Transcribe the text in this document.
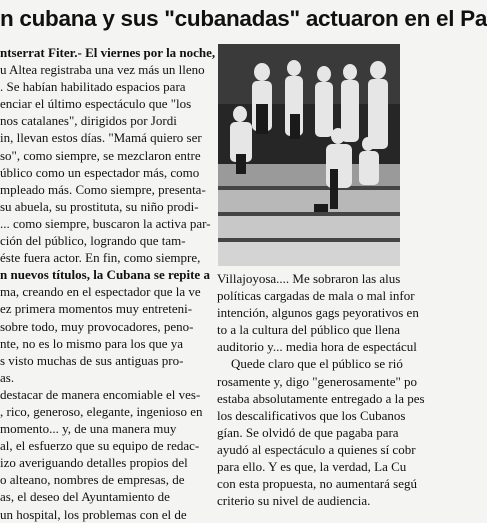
n cubana y sus "cubanadas" actuaron en el Pa
ntserrat Fiter.- El viernes por la noche,
u Altea registraba una vez más un lleno
. Se habían habilitado espacios para
enciar el último espectáculo que "los
nos catalanes", dirigidos por Jordi
in, llevan estos días. "Mamá quiero ser
so", como siempre, se mezclaron entre
úblico como un espectador más, como
mpleado más. Como siempre, presenta-
su abuela, su prostituta, su niño prodi-
... como siempre, buscaron la activa par-
ción del público, logrando que tam-
éste fuera actor. En fin, como siempre,
n nuevos títulos, la Cubana se repite a
ma, creando en el espectador que la ve
ez primera momentos muy entreteni-
sobre todo, muy provocadores, peno-
nte, no es lo mismo para los que ya
s visto muchas de sus antiguas pro-
as.
destacar de manera encomiable el ves-
, rico, generoso, elegante, ingenioso en
momento... y, de una manera muy
al, el esfuerzo que su equipo de redac-
izo averiguando detalles propios del
o alteano, nombres de empresas, de
as, el deseo del Ayuntamiento de
un hospital, los problemas con el de
Villajoyosa.... Me sobraron las alus
políticas cargadas de mala o mal infor
intención, algunos gags peyorativos en
to a la cultura del público que llena
auditorio y... media hora de espectácul
Quede claro que el público se rió
rosamente y, digo "generosamente" po
estaba absolutamente entregado a la pes
los descalificativos que los Cubanos
gían. Se olvidó de que pagaba para
ayudó al espectáculo a quienes sí cobr
para ello. Y es que, la verdad, La Cu
con esta propuesta, no aumentará segú
criterio su nivel de audiencia.
